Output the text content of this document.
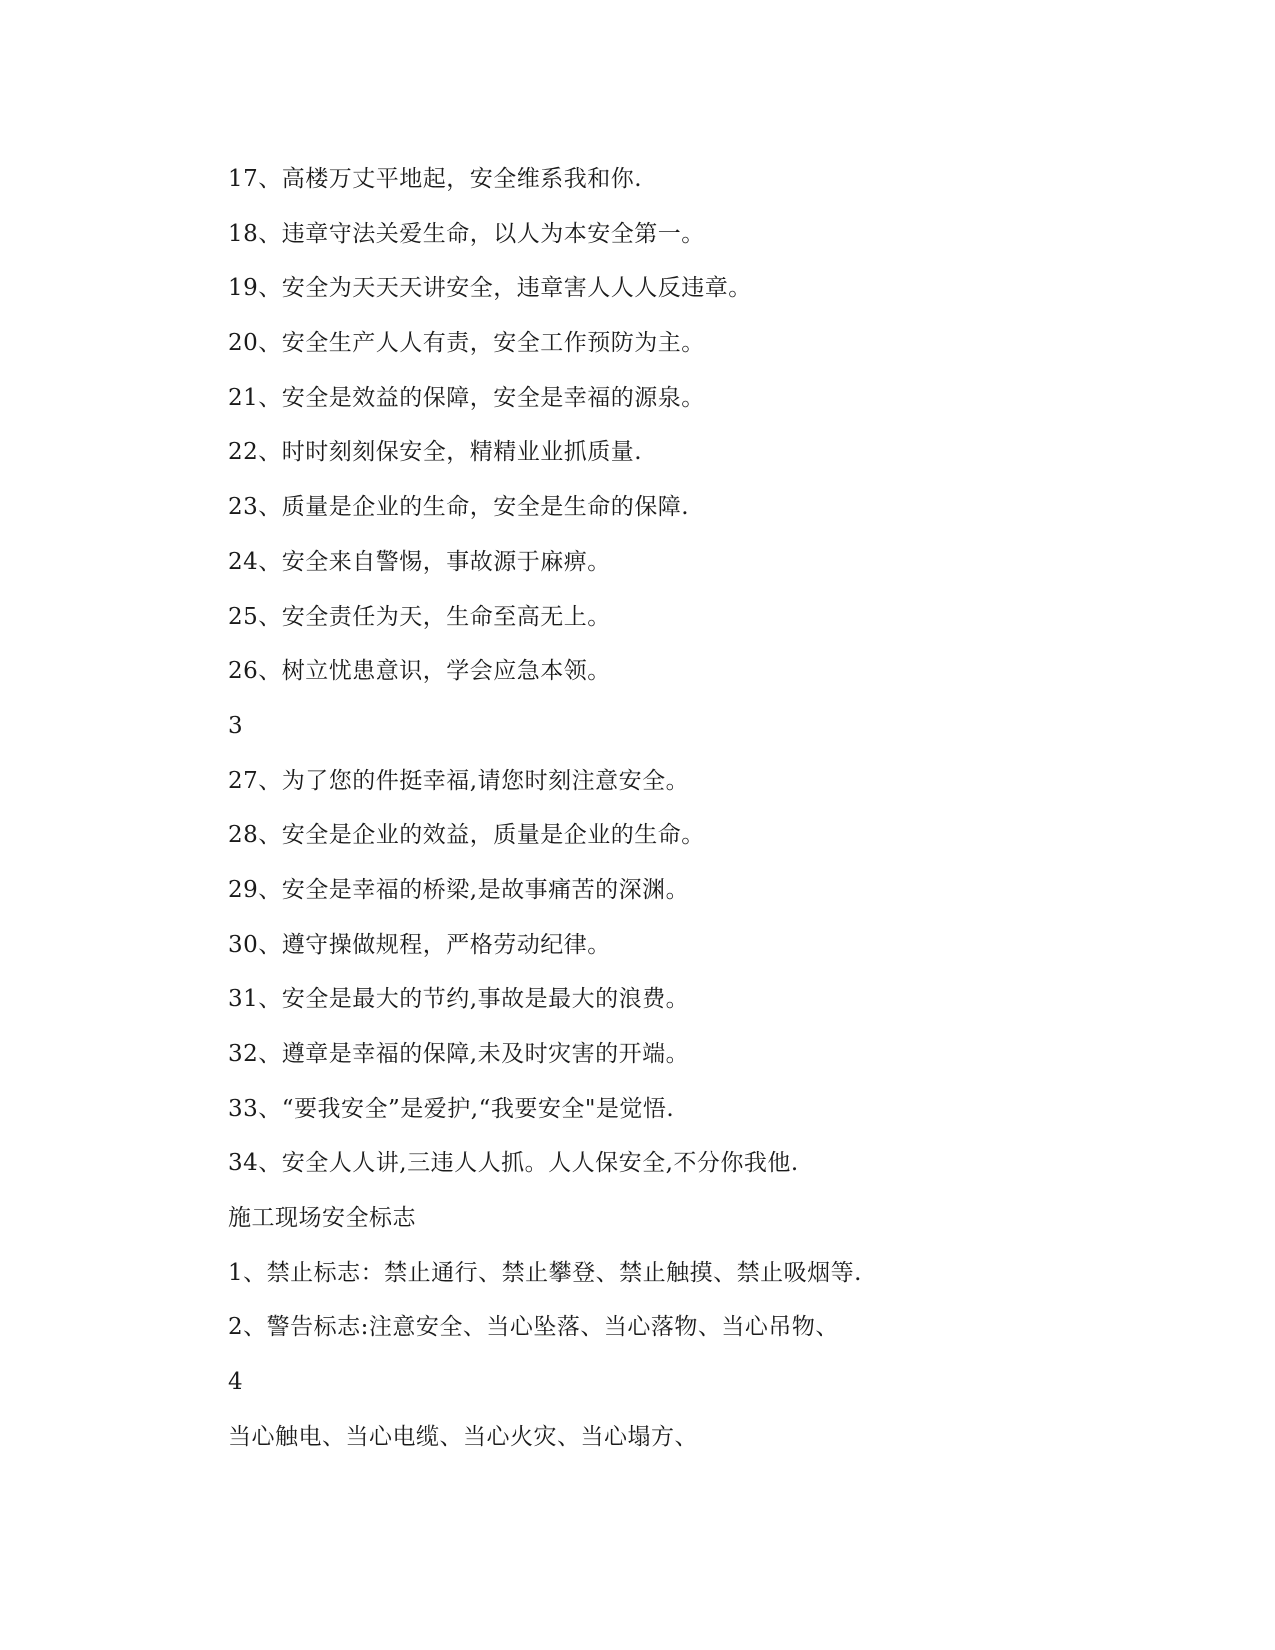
17、高楼万丈平地起，安全维系我和你.
18、违章守法关爱生命，以人为本安全第一。
19、安全为天天天讲安全，违章害人人人反违章。
20、安全生产人人有责，安全工作预防为主。
21、安全是效益的保障，安全是幸福的源泉。
22、时时刻刻保安全，精精业业抓质量.
23、质量是企业的生命，安全是生命的保障.
24、安全来自警惕，事故源于麻痹。
25、安全责任为天，生命至高无上。
26、树立忧患意识，学会应急本领。
3
27、为了您的件挺幸福,请您时刻注意安全。
28、安全是企业的效益，质量是企业的生命。
29、安全是幸福的桥梁,是故事痛苦的深渊。
30、遵守操做规程，严格劳动纪律。
31、安全是最大的节约,事故是最大的浪费。
32、遵章是幸福的保障,未及时灾害的开端。
33、“要我安全”是爱护,“我要安全"是觉悟.
34、安全人人讲,三违人人抓。人人保安全,不分你我他.
施工现场安全标志
1、禁止标志：禁止通行、禁止攀登、禁止触摸、禁止吸烟等.
2、警告标志:注意安全、当心坠落、当心落物、当心吊物、
4
当心触电、当心电缆、当心火灾、当心塌方、
